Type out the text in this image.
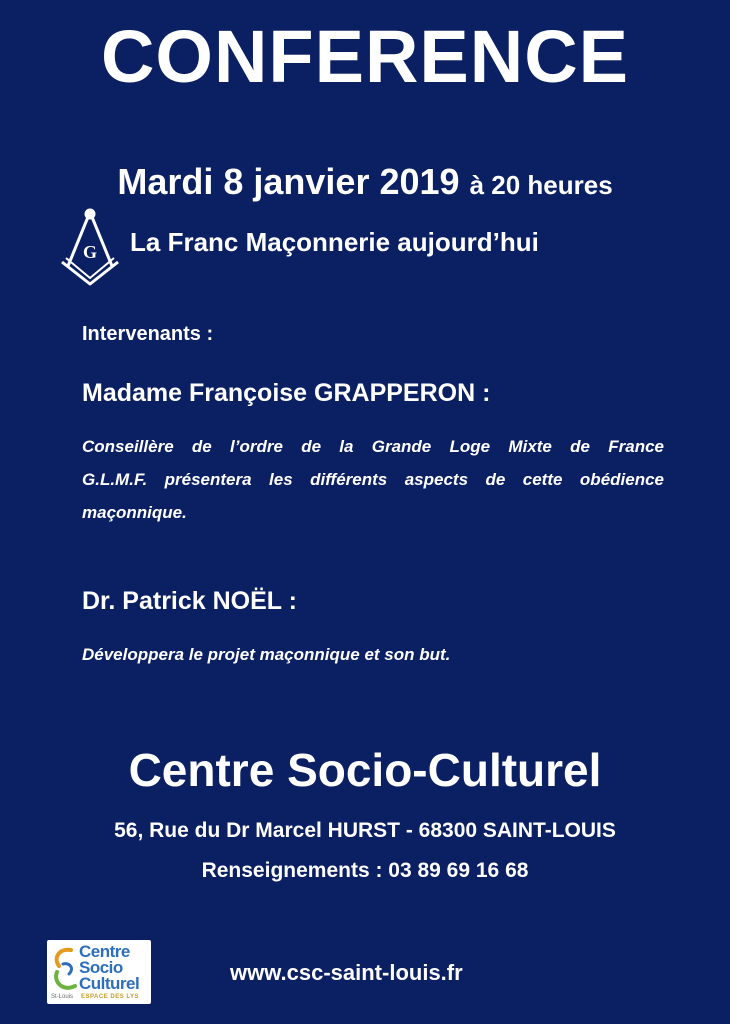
CONFERENCE
Mardi 8 janvier 2019 à 20 heures
G La Franc Maçonnerie aujourd’hui
Intervenants :
Madame Françoise GRAPPERON :
Conseillère de l’ordre de la Grande Loge Mixte de France
G.L.M.F. présentera les différents aspects de cette obédience
maçonnique.
Dr. Patrick NOËL :
Développera le projet maçonnique et son but.
Centre Socio-Culturel
56, Rue du Dr Marcel HURST - 68300 SAINT-LOUIS
Renseignements : 03 89 69 16 68
Centre
Socio
Culturel
St-Louis ESPACE DES LYS
www.csc-saint-louis.fr
